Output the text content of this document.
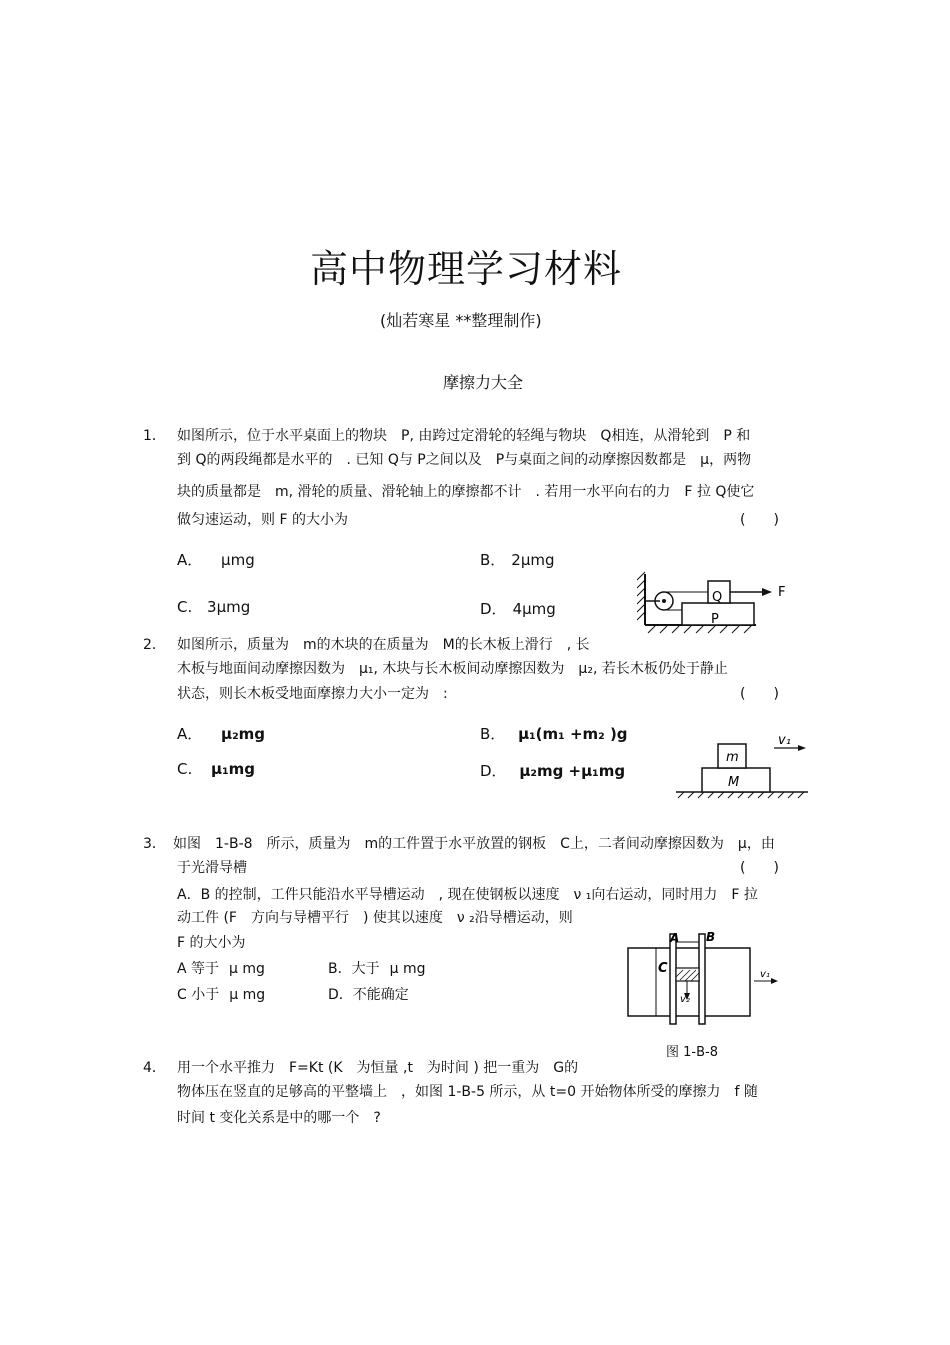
高中物理学习材料
(灿若寒星 **整理制作)
摩擦力大全
1． 如图所示，位于水平桌面上的物块　P, 由跨过定滑轮的轻绳与物块　Q相连，从滑轮到　P 和
到 Q的两段绳都是水平的　. 已知 Q与 P之间以及　P与桌面之间的动摩擦因数都是　μ，两物
块的质量都是　m, 滑轮的质量、滑轮轴上的摩擦都不计　. 若用一水平向右的力　F 拉 Q使它
做匀速运动，则 F 的大小为	(　　)
A． μmg	B． 2μmg
C. 3μmg	D． 4μmg
Q
P
F
2． 如图所示，质量为　m的木块的在质量为　M的长木板上滑行　, 长
木板与地面间动摩擦因数为　μ₁, 木块与长木板间动摩擦因数为　μ₂, 若长木板仍处于静止
状态，则长木板受地面摩擦力大小一定为　:	(　　)
A． μ₂mg	B． μ₁(m₁ +m₂ )g
C. μ₁mg	D． μ₂mg +μ₁mg
m
M
v₁
3． 如图　1-B-8　所示，质量为　m的工件置于水平放置的钢板　C上，二者间动摩擦因数为　μ，由
于光滑导槽	(　　)
A．B 的控制，工件只能沿水平导槽运动　, 现在使钢板以速度　ν ₁向右运动，同时用力　F 拉
动工件 (F　方向与导槽平行　) 使其以速度　ν ₂沿导槽运动，则
F 的大小为
A 等于 μ mg	B．大于 μ mg
C 小于 μ mg	D．不能确定
A B
C
v₂
v₁
图 1-B-8
4． 用一个水平推力　F=Kt (K　为恒量 ,t　为时间 ) 把一重为　G的
物体压在竖直的足够高的平整墙上　，如图 1-B-5 所示，从 t=0 开始物体所受的摩擦力　f 随
时间 t 变化关系是中的哪一个　?
